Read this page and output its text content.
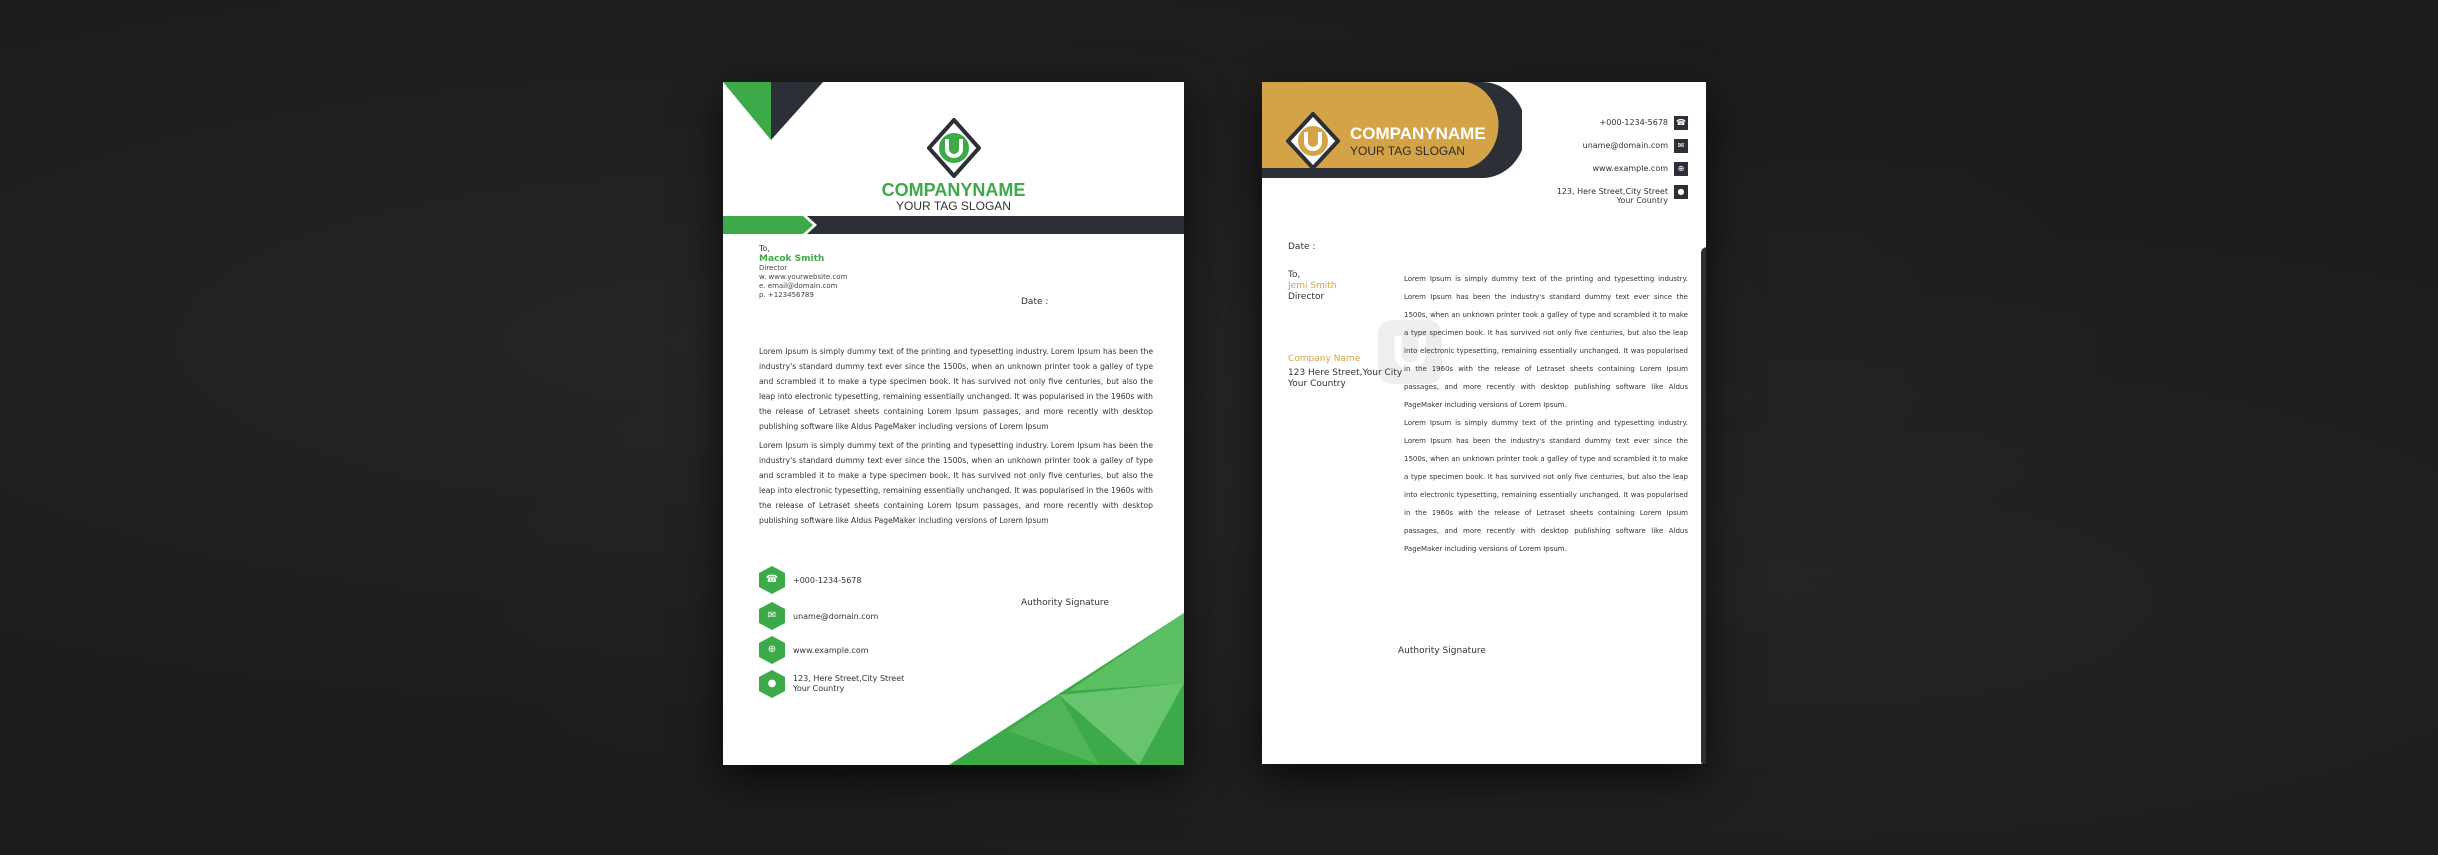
COMPANYNAME
YOUR TAG SLOGAN
To,
Macok Smith
Director
w. www.yourwebsite.com
e. email@domain.com
p. +123456789
Date :
Lorem Ipsum is simply dummy text of the printing and typesetting industry. Lorem Ipsum has been the industry's standard dummy text ever since the 1500s, when an unknown printer took a galley of type and scrambled it to make a type specimen book. It has survived not only five centuries, but also the leap into electronic typesetting, remaining essentially unchanged. It was popularised in the 1960s with the release of Letraset sheets containing Lorem Ipsum passages, and more recently with desktop publishing software like Aldus PageMaker including versions of Lorem Ipsum
Lorem Ipsum is simply dummy text of the printing and typesetting industry. Lorem Ipsum has been the industry's standard dummy text ever since the 1500s, when an unknown printer took a galley of type and scrambled it to make a type specimen book. It has survived not only five centuries, but also the leap into electronic typesetting, remaining essentially unchanged. It was popularised in the 1960s with the release of Letraset sheets containing Lorem Ipsum passages, and more recently with desktop publishing software like Aldus PageMaker including versions of Lorem Ipsum
Authority Signature
☎	+000-1234-5678
✉	uname@domain.com
⊕	www.example.com
●	123, Here Street,City Street
Your Country
COMPANYNAME
YOUR TAG SLOGAN
+000-1234-5678 ☎
uname@domain.com	✉
www.example.com	⊕
123, Here Street,City Street
Your Country
●
Date :
To,
Jemi Smith
Director
Company Name
123 Here Street,Your City
Your Country
Lorem Ipsum is simply dummy text of the printing and typesetting industry. Lorem Ipsum has been the industry's standard dummy text ever since the 1500s, when an unknown printer took a galley of type and scrambled it to make a type specimen book. It has survived not only five centuries, but also the leap into electronic typesetting, remaining essentially unchanged. It was popularised in the 1960s with the release of Letraset sheets containing Lorem Ipsum passages, and more recently with desktop publishing software like Aldus PageMaker including versions of Lorem Ipsum.
Lorem Ipsum is simply dummy text of the printing and typesetting industry. Lorem Ipsum has been the industry's standard dummy text ever since the 1500s, when an unknown printer took a galley of type and scrambled it to make a type specimen book. It has survived not only five centuries, but also the leap into electronic typesetting, remaining essentially unchanged. It was popularised in the 1960s with the release of Letraset sheets containing Lorem Ipsum passages, and more recently with desktop publishing software like Aldus PageMaker including versions of Lorem Ipsum.
Authority Signature
